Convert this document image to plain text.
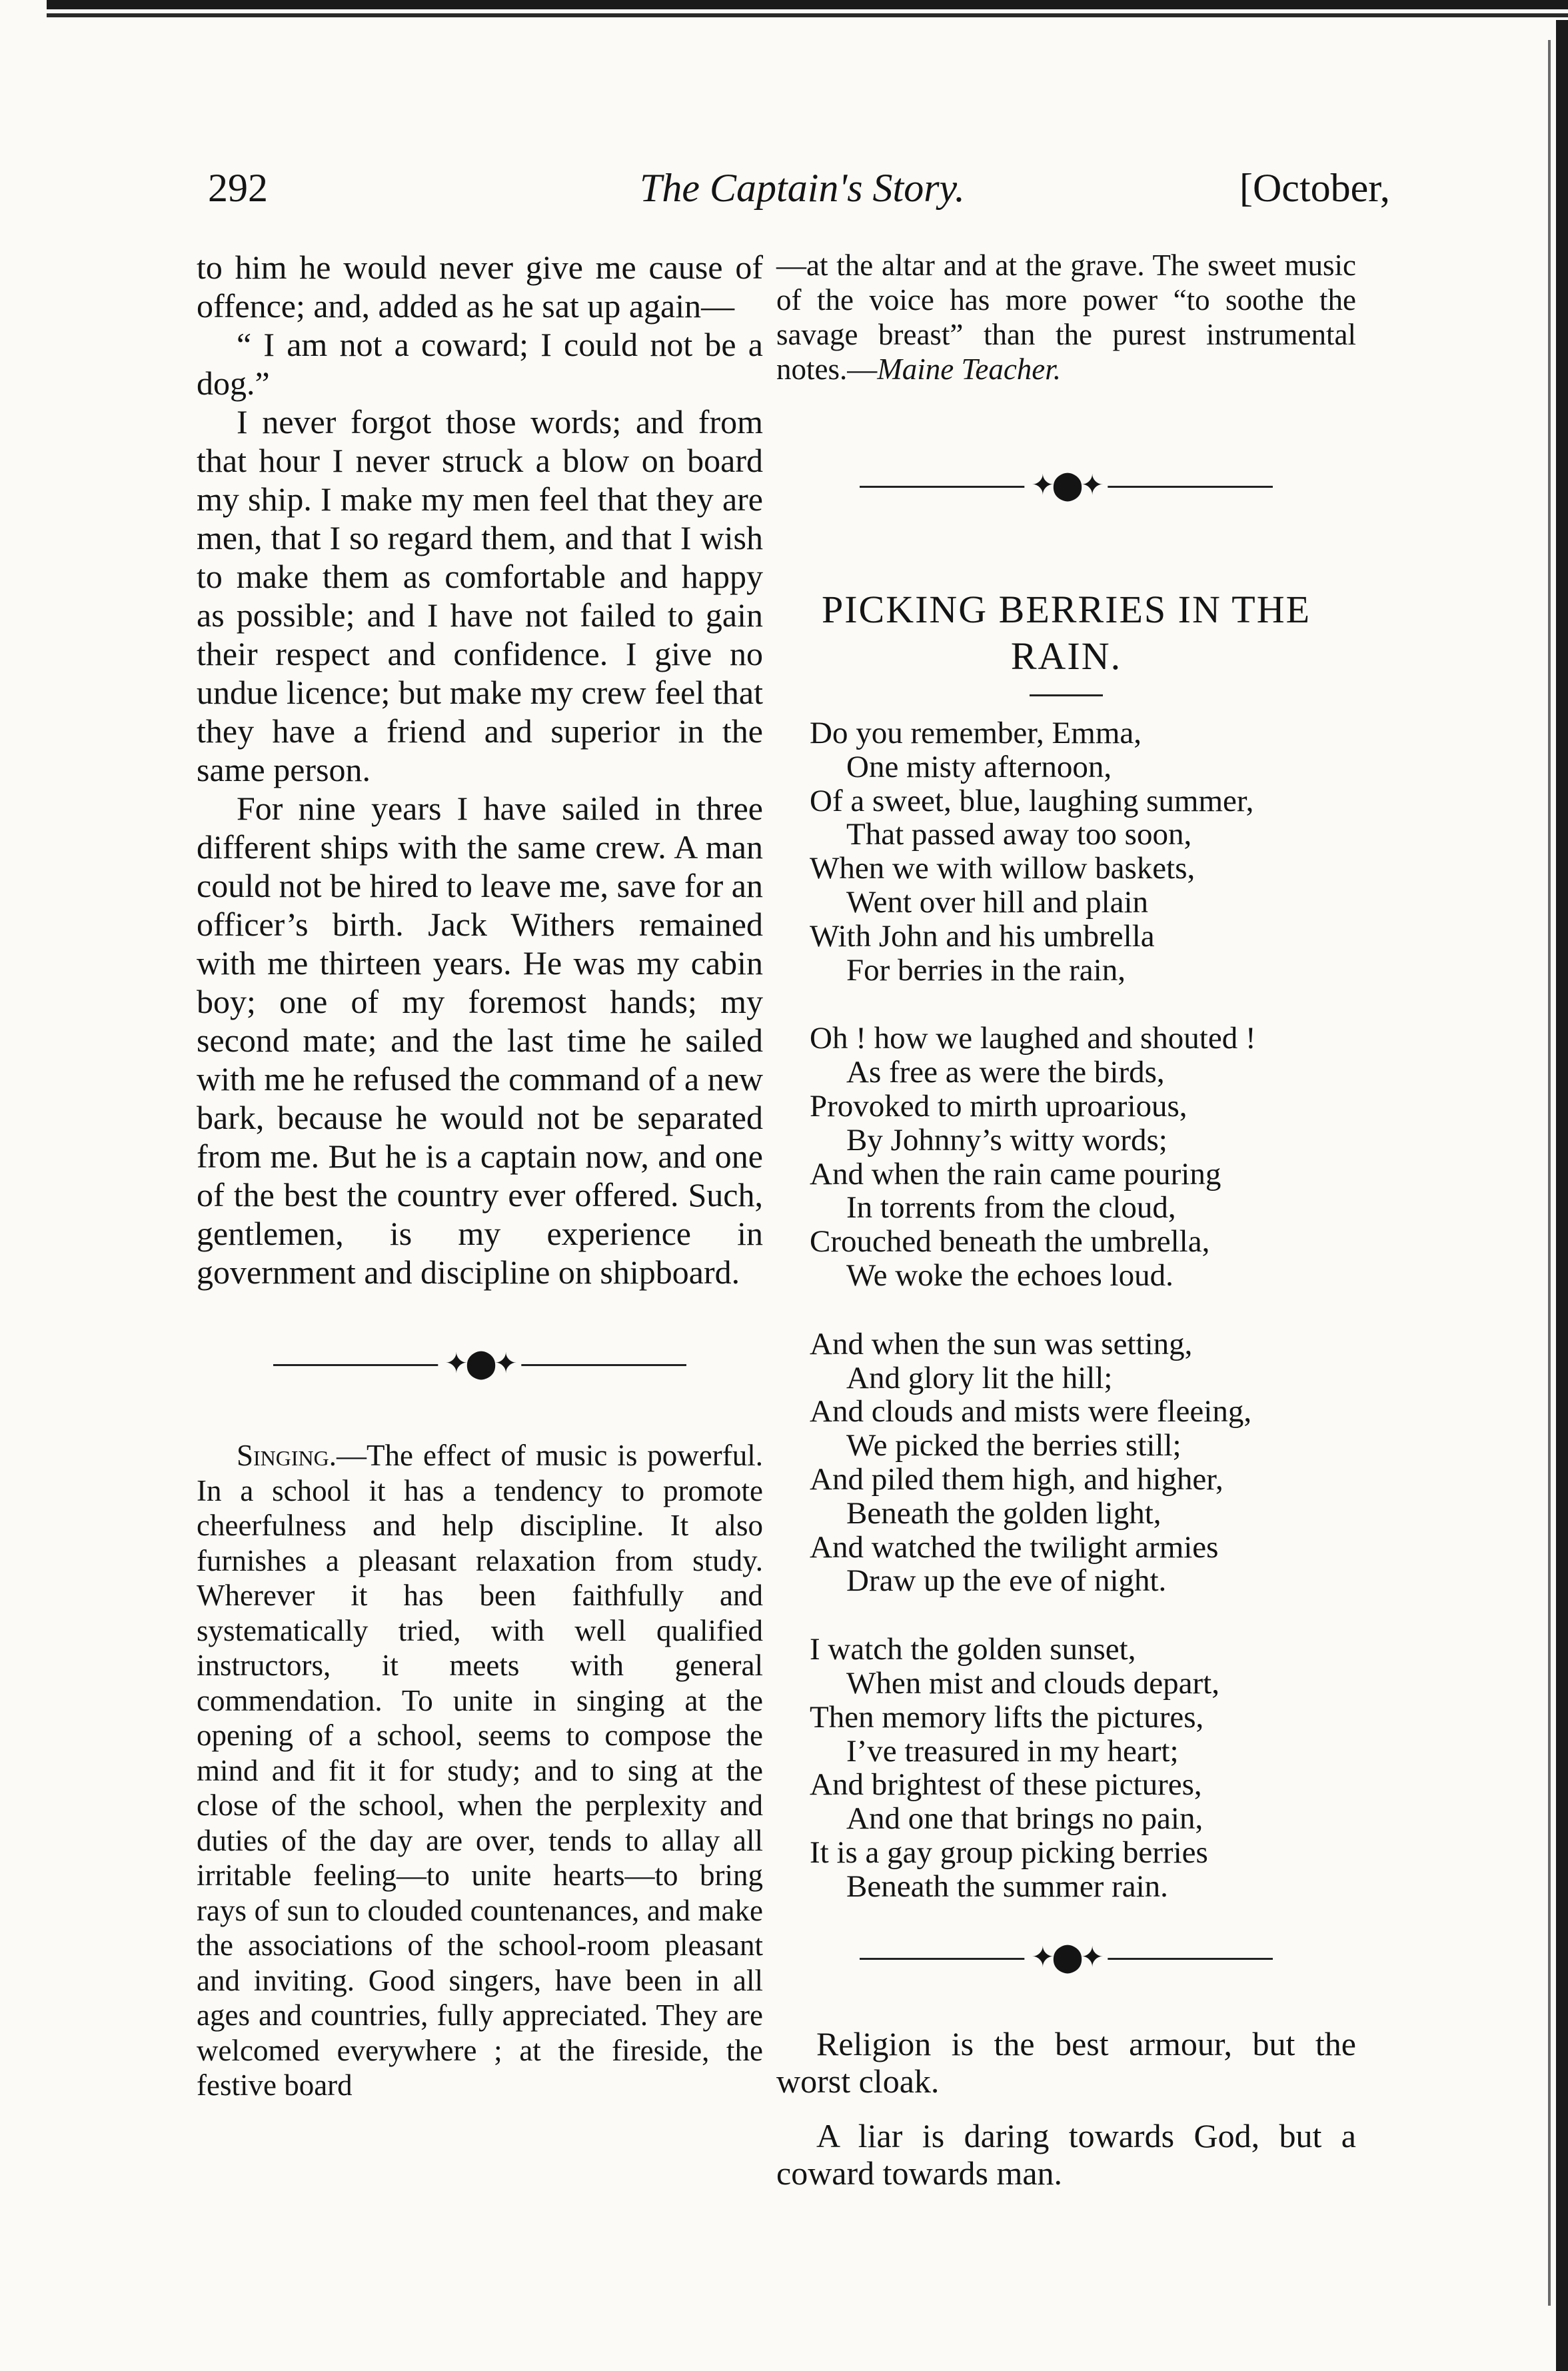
292	The Captain's Story.	[October,

to him he would never give me cause of offence; and, added as he sat up again—

“ I am not a coward; I could not be a dog.”

I never forgot those words; and from that hour I never struck a blow on board my ship. I make my men feel that they are men, that I so regard them, and that I wish to make them as comfortable and happy as possible; and I have not failed to gain their respect and confidence. I give no undue licence; but make my crew feel that they have a friend and superior in the same person.

For nine years I have sailed in three different ships with the same crew. A man could not be hired to leave me, save for an officer’s birth. Jack Withers remained with me thirteen years. He was my cabin boy; one of my foremost hands; my second mate; and the last time he sailed with me he refused the command of a new bark, because he would not be separated from me. But he is a captain now, and one of the best the country ever offered. Such, gentlemen, is my experience in government and discipline on shipboard.

✦⬤✦

Singing.—The effect of music is powerful. In a school it has a tendency to promote cheerfulness and help discipline. It also furnishes a pleasant relaxation from study. Wherever it has been faithfully and systematically tried, with well qualified instructors, it meets with general commendation. To unite in singing at the opening of a school, seems to compose the mind and fit it for study; and to sing at the close of the school, when the perplexity and duties of the day are over, tends to allay all irritable feeling—to unite hearts—to bring rays of sun to clouded countenances, and make the associations of the school-room pleasant and inviting. Good singers, have been in all ages and countries, fully appreciated. They are welcomed everywhere ; at the fireside, the festive board

—at the altar and at the grave. The sweet music of the voice has more power “to soothe the savage breast” than the purest instrumental notes.—Maine Teacher.

✦⬤✦
PICKING BERRIES IN THE RAIN.
Do you remember, Emma,
One misty afternoon,
Of a sweet, blue, laughing summer,
That passed away too soon,
When we with willow baskets,
Went over hill and plain
With John and his umbrella
For berries in the rain,
Oh ! how we laughed and shouted !
As free as were the birds,
Provoked to mirth uproarious,
By Johnny’s witty words;
And when the rain came pouring
In torrents from the cloud,
Crouched beneath the umbrella,
We woke the echoes loud.
And when the sun was setting,
And glory lit the hill;
And clouds and mists were fleeing,
We picked the berries still;
And piled them high, and higher,
Beneath the golden light,
And watched the twilight armies
Draw up the eve of night.
I watch the golden sunset,
When mist and clouds depart,
Then memory lifts the pictures,
I’ve treasured in my heart;
And brightest of these pictures,
And one that brings no pain,
It is a gay group picking berries
Beneath the summer rain.
✦⬤✦

Religion is the best armour, but the worst cloak.

A liar is daring towards God, but a coward towards man.
